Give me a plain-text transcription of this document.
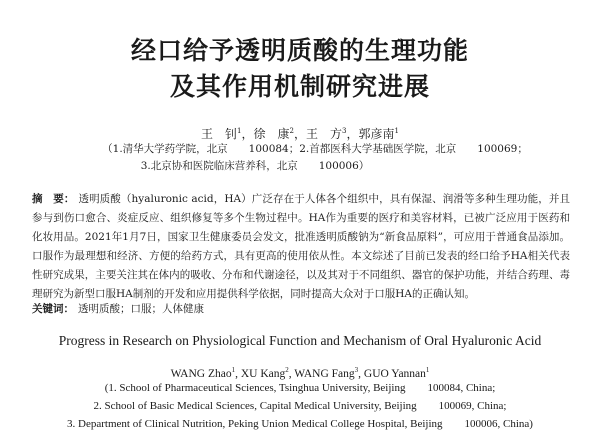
经口给予透明质酸的生理功能
及其作用机制研究进展
王　钊$^1$，徐　康$^2$，王　方$^3$，郭彦南$^1$
（1.清华大学药学院，北京　　100084；2.首都医科大学基础医学院，北京　　100069；
3.北京协和医院临床营养科，北京　　100006）
摘　要： 透明质酸（hyaluronic acid，HA）广泛存在于人体各个组织中，具有保湿、润滑等多种生理功能，并且参与到伤口愈合、炎症反应、组织修复等多个生物过程中。HA作为重要的医疗和美容材料，已被广泛应用于医药和化妆用品。2021年1月7日，国家卫生健康委员会发文，批准透明质酸钠为“新食品原料”，可应用于普通食品添加。口服作为最理想和经济、方便的给药方式，具有更高的使用依从性。本文综述了目前已发表的经口给予HA相关代表性研究成果，主要关注其在体内的吸收、分布和代谢途径，以及其对于不同组织、器官的保护功能，并结合药理、毒理研究为新型口服HA制剂的开发和应用提供科学依据，同时提高大众对于口服HA的正确认知。
关键词： 透明质酸；口服；人体健康
Progress in Research on Physiological Function and Mechanism of Oral Hyaluronic Acid
WANG Zhao$^1$, XU Kang$^2$, WANG Fang$^3$, GUO Yannan$^1$
(1. School of Pharmaceutical Sciences, Tsinghua University, Beijing　　100084, China;
2. School of Basic Medical Sciences, Capital Medical University, Beijing　　100069, China;
3. Department of Clinical Nutrition, Peking Union Medical College Hospital, Beijing　　100006, China)
